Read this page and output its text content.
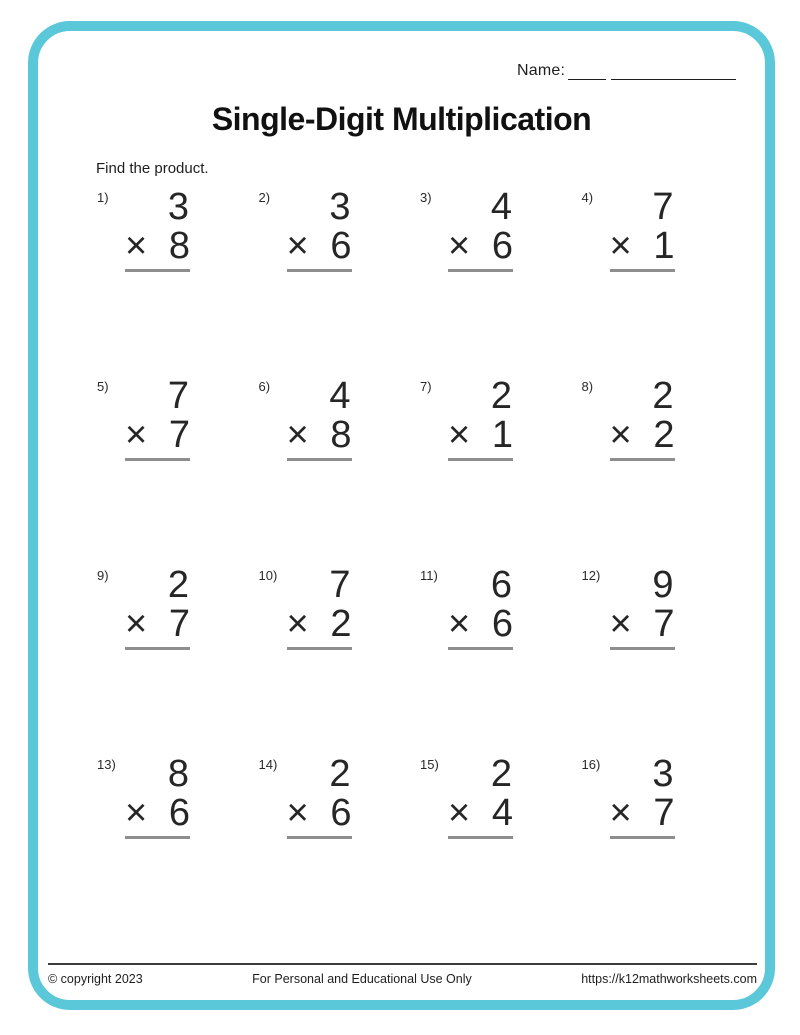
Name:
Single-Digit Multiplication
Find the product.
1)	3
× 8
2)	3
× 6
3)	4
× 6
4)	7
× 1
5)	7
× 7
6)	4
× 8
7)	2
× 1
8)	2
× 2
9)	2
× 7
10)	7
× 2
11)	6
× 6
12)	9
× 7
13)	8
× 6
14)	2
× 6
15)	2
× 4
16)	3
× 7
© copyright 2023	For Personal and Educational Use Only	https://k12mathworksheets.com
